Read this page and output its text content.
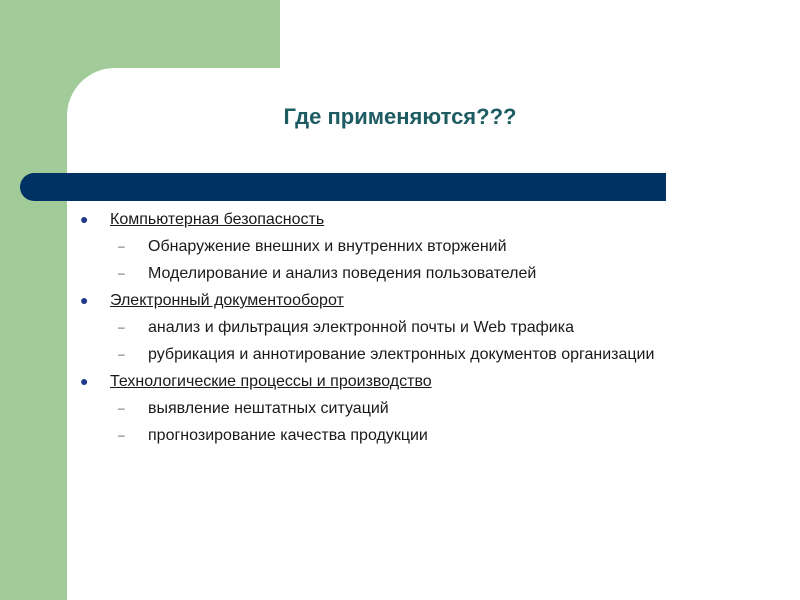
Где применяются???
● Компьютерная безопасность
– Обнаружение внешних и внутренних вторжений
– Моделирование и анализ поведения пользователей
● Электронный документооборот
– анализ и фильтрация электронной почты и Web трафика
– рубрикация и аннотирование электронных документов организации
● Технологические процессы и производство
– выявление нештатных ситуаций
– прогнозирование качества продукции
